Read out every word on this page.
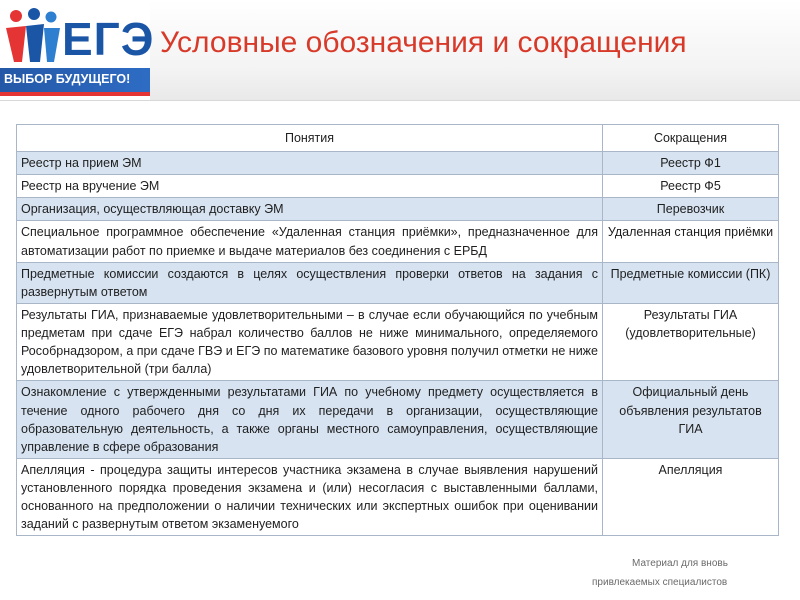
ЕГЭ
ВЫБОР БУДУЩЕГО!
Условные обозначения и сокращения
Понятия	Сокращения
Реестр на прием ЭМ	Реестр Ф1
Реестр на вручение ЭМ	Реестр Ф5
Организация, осуществляющая доставку ЭМ	Перевозчик
Специальное программное обеспечение «Удаленная станция приёмки», предназначенное для автоматизации работ по приемке и выдаче материалов без соединения с ЕРБД	Удаленная станция приёмки
Предметные комиссии создаются в целях осуществления проверки ответов на задания с развернутым ответом	Предметные комиссии (ПК)
Результаты ГИА, признаваемые удовлетворительными – в случае если обучающийся по учебным предметам при сдаче ЕГЭ набрал количество баллов не ниже минимального, определяемого Рособрнадзором, а при сдаче ГВЭ и ЕГЭ по математике базового уровня получил отметки не ниже удовлетворительной (три балла)	Результаты ГИА (удовлетворительные)
Ознакомление с утвержденными результатами ГИА по учебному предмету осуществляется в течение одного рабочего дня со дня их передачи в организации, осуществляющие образовательную деятельность, а также органы местного самоуправления, осуществляющие управление в сфере образования	Официальный день объявления результатов ГИА
Апелляция - процедура защиты интересов участника экзамена в случае выявления нарушений установленного порядка проведения экзамена и (или) несогласия с выставленными баллами, основанного на предположении о наличии технических или экспертных ошибок при оценивании заданий с развернутым ответом экзаменуемого	Апелляция
Материал для вновь
привлекаемых специалистов
